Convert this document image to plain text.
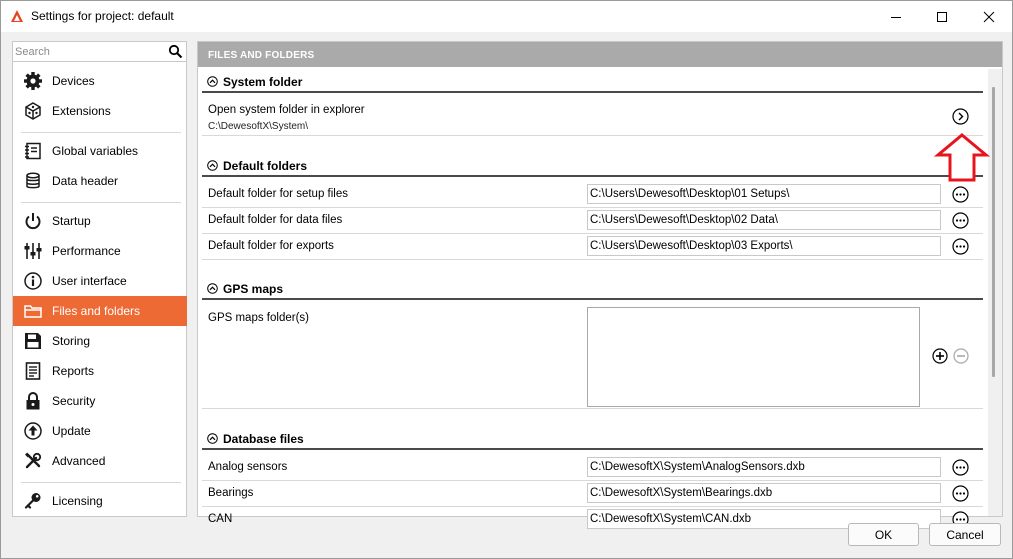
Settings for project: default
Search
Devices
Extensions
Global variables
Data header
Startup
Performance
User interface
Files and folders
Storing
Reports
Security
Update
Advanced
Licensing
FILES AND FOLDERS
System folder
Open system folder in explorer
C:\DewesoftX\System\
Default folders
Default folder for setup files	C:\Users\Dewesoft\Desktop\01 Setups\
Default folder for data files	C:\Users\Dewesoft\Desktop\02 Data\
Default folder for exports	C:\Users\Dewesoft\Desktop\03 Exports\
GPS maps
GPS maps folder(s)
Database files
Analog sensors	C:\DewesoftX\System\AnalogSensors.dxb
Bearings	C:\DewesoftX\System\Bearings.dxb
CAN	C:\DewesoftX\System\CAN.dxb
OK	Cancel
